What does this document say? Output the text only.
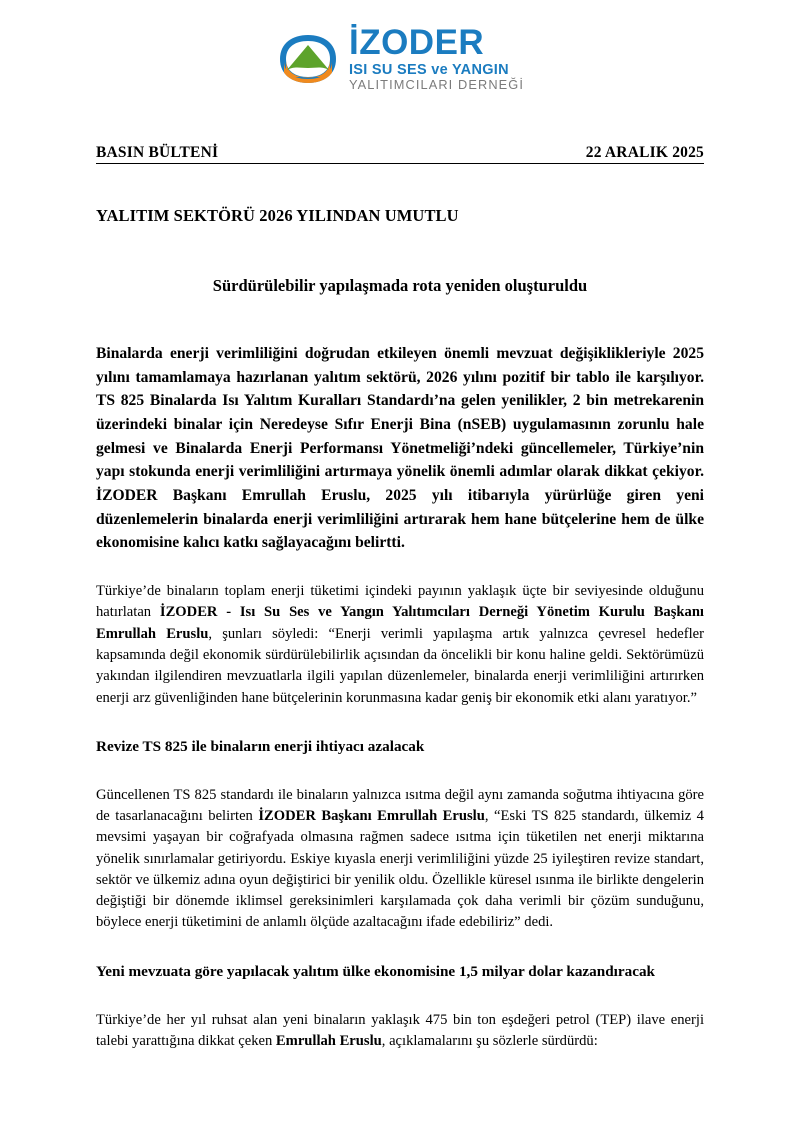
İZODER
ISI SU SES ve YANGIN
YALITIMCILARI DERNEĞİ
BASIN BÜLTENİ	22 ARALIK 2025
YALITIM SEKTÖRÜ 2026 YILINDAN UMUTLU
Sürdürülebilir yapılaşmada rota yeniden oluşturuldu

Binalarda enerji verimliliğini doğrudan etkileyen önemli mevzuat değişiklikleriyle 2025 yılını tamamlamaya hazırlanan yalıtım sektörü, 2026 yılını pozitif bir tablo ile karşılıyor. TS 825 Binalarda Isı Yalıtım Kuralları Standardı’na gelen yenilikler, 2 bin metrekarenin üzerindeki binalar için Neredeyse Sıfır Enerji Bina (nSEB) uygulamasının zorunlu hale gelmesi ve Binalarda Enerji Performansı Yönetmeliği’ndeki güncellemeler, Türkiye’nin yapı stokunda enerji verimliliğini artırmaya yönelik önemli adımlar olarak dikkat çekiyor. İZODER Başkanı Emrullah Eruslu, 2025 yılı itibarıyla yürürlüğe giren yeni düzenlemelerin binalarda enerji verimliliğini artırarak hem hane bütçelerine hem de ülke ekonomisine kalıcı katkı sağlayacağını belirtti.

Türkiye’de binaların toplam enerji tüketimi içindeki payının yaklaşık üçte bir seviyesinde olduğunu hatırlatan İZODER - Isı Su Ses ve Yangın Yalıtımcıları Derneği Yönetim Kurulu Başkanı Emrullah Eruslu, şunları söyledi: “Enerji verimli yapılaşma artık yalnızca çevresel hedefler kapsamında değil ekonomik sürdürülebilirlik açısından da öncelikli bir konu haline geldi. Sektörümüzü yakından ilgilendiren mevzuatlarla ilgili yapılan düzenlemeler, binalarda enerji verimliliğini artırırken enerji arz güvenliğinden hane bütçelerinin korunmasına kadar geniş bir ekonomik etki alanı yaratıyor.”

Revize TS 825 ile binaların enerji ihtiyacı azalacak

Güncellenen TS 825 standardı ile binaların yalnızca ısıtma değil aynı zamanda soğutma ihtiyacına göre de tasarlanacağını belirten İZODER Başkanı Emrullah Eruslu, “Eski TS 825 standardı, ülkemiz 4 mevsimi yaşayan bir coğrafyada olmasına rağmen sadece ısıtma için tüketilen net enerji miktarına yönelik sınırlamalar getiriyordu. Eskiye kıyasla enerji verimliliğini yüzde 25 iyileştiren revize standart, sektör ve ülkemiz adına oyun değiştirici bir yenilik oldu. Özellikle küresel ısınma ile birlikte dengelerin değiştiği bir dönemde iklimsel gereksinimleri karşılamada çok daha verimli bir çözüm sunduğunu, böylece enerji tüketimini de anlamlı ölçüde azaltacağını ifade edebiliriz” dedi.

Yeni mevzuata göre yapılacak yalıtım ülke ekonomisine 1,5 milyar dolar kazandıracak

Türkiye’de her yıl ruhsat alan yeni binaların yaklaşık 475 bin ton eşdeğeri petrol (TEP) ilave enerji talebi yarattığına dikkat çeken Emrullah Eruslu, açıklamalarını şu sözlerle sürdürdü:
